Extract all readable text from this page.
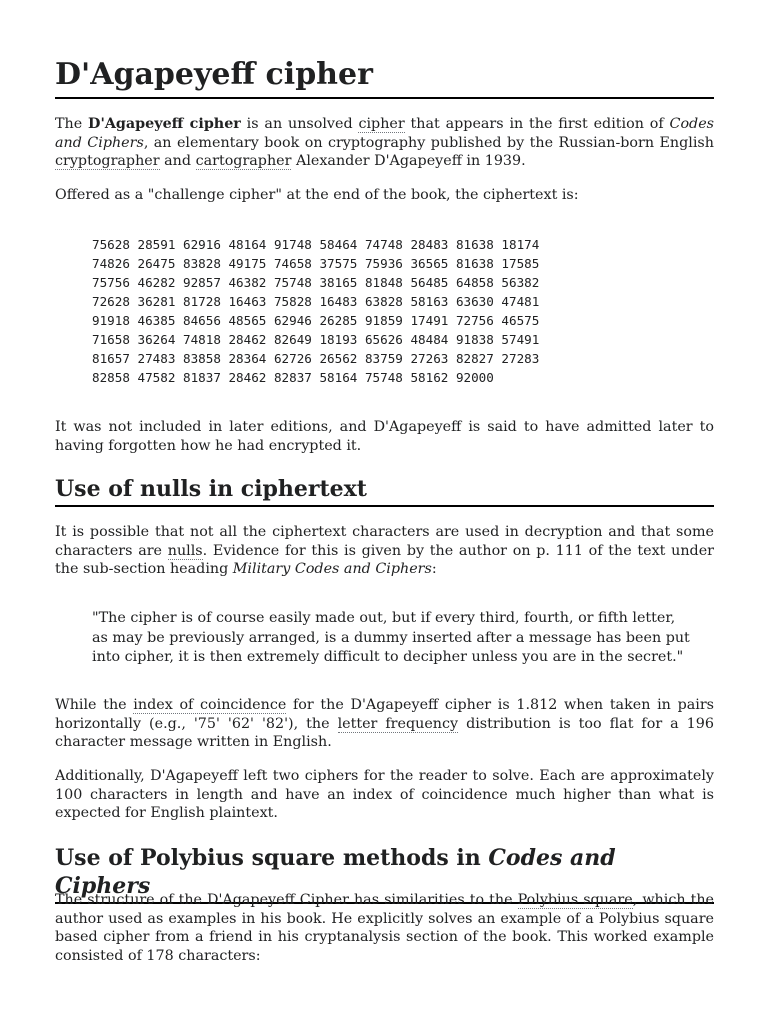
D'Agapeyeff cipher

The D'Agapeyeff cipher is an unsolved cipher that appears in the first edition of Codes and Ciphers, an elementary book on cryptography published by the Russian-born English cryptographer and cartographer Alexander D'Agapeyeff in 1939.

Offered as a "challenge cipher" at the end of the book, the ciphertext is:

75628 28591 62916 48164 91748 58464 74748 28483 81638 18174
74826 26475 83828 49175 74658 37575 75936 36565 81638 17585
75756 46282 92857 46382 75748 38165 81848 56485 64858 56382
72628 36281 81728 16463 75828 16483 63828 58163 63630 47481
91918 46385 84656 48565 62946 26285 91859 17491 72756 46575
71658 36264 74818 28462 82649 18193 65626 48484 91838 57491
81657 27483 83858 28364 62726 26562 83759 27263 82827 27283
82858 47582 81837 28462 82837 58164 75748 58162 92000

It was not included in later editions, and D'Agapeyeff is said to have admitted later to having forgotten how he had encrypted it.

Use of nulls in ciphertext

It is possible that not all the ciphertext characters are used in decryption and that some characters are nulls. Evidence for this is given by the author on p. 111 of the text under the sub-section heading Military Codes and Ciphers:

"The cipher is of course easily made out, but if every third, fourth, or fifth letter, as may be previously arranged, is a dummy inserted after a message has been put into cipher, it is then extremely difficult to decipher unless you are in the secret."

While the index of coincidence for the D'Agapeyeff cipher is 1.812 when taken in pairs horizontally (e.g., '75' '62' '82'), the letter frequency distribution is too flat for a 196 character message written in English.

Additionally, D'Agapeyeff left two ciphers for the reader to solve. Each are approximately 100 characters in length and have an index of coincidence much higher than what is expected for English plaintext.

Use of Polybius square methods in Codes and Ciphers

The structure of the D'Agapeyeff Cipher has similarities to the Polybius square, which the author used as examples in his book. He explicitly solves an example of a Polybius square based cipher from a friend in his cryptanalysis section of the book. This worked example consisted of 178 characters:
